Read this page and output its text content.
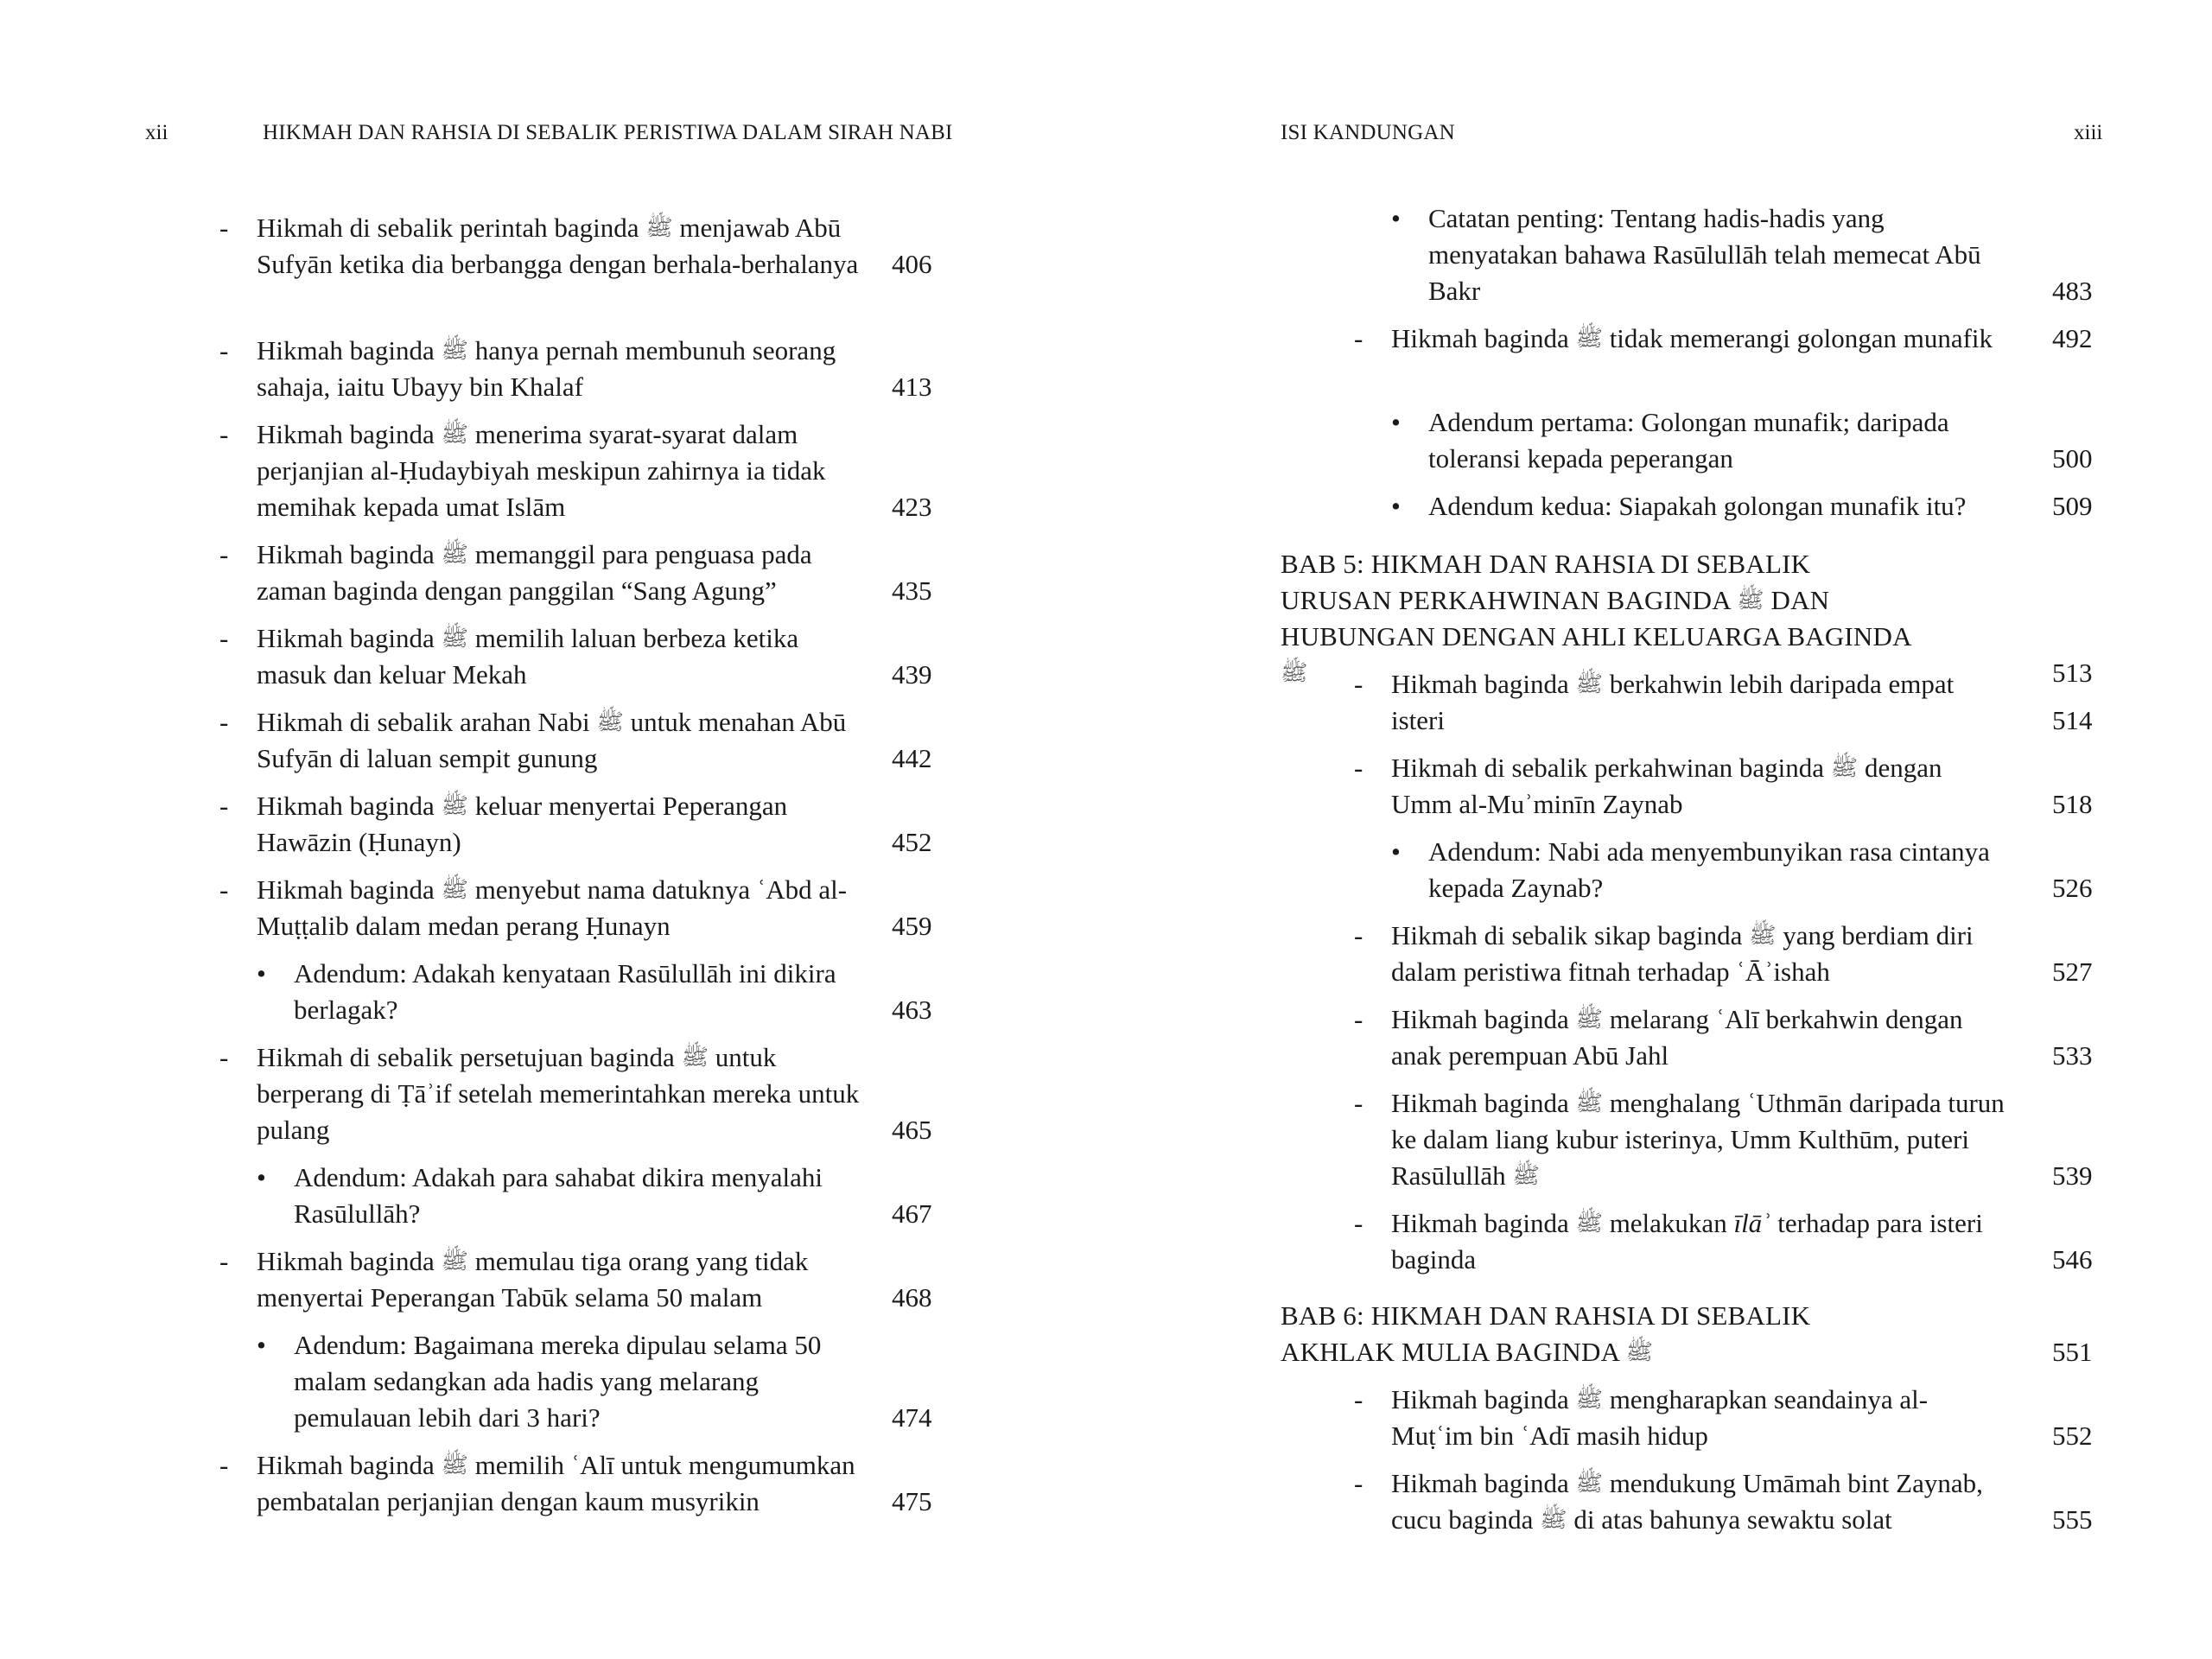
xii	HIKMAH DAN RAHSIA DI SEBALIK PERISTIWA DALAM SIRAH NABI
- Hikmah di sebalik perintah baginda ﷺ menjawab Abū Sufyān ketika dia berbangga dengan berhala-berhalanya 406
- Hikmah baginda ﷺ hanya pernah membunuh seorang sahaja, iaitu Ubayy bin Khalaf	413
- Hikmah baginda ﷺ menerima syarat-syarat dalam perjanjian al-Ḥudaybiyah meskipun zahirnya ia tidak memihak kepada umat Islām	423
- Hikmah baginda ﷺ memanggil para penguasa pada zaman baginda dengan panggilan “Sang Agung”	435
- Hikmah baginda ﷺ memilih laluan berbeza ketika masuk dan keluar Mekah	439
- Hikmah di sebalik arahan Nabi ﷺ untuk menahan Abū Sufyān di laluan sempit gunung	442
- Hikmah baginda ﷺ keluar menyertai Peperangan Hawāzin (Ḥunayn)	452
- Hikmah baginda ﷺ menyebut nama datuknya ʿAbd al-Muṭṭalib dalam medan perang Ḥunayn	459
• Adendum: Adakah kenyataan Rasūlullāh ini dikira berlagak?	463
- Hikmah di sebalik persetujuan baginda ﷺ untuk berperang di Ṭāʾif setelah memerintahkan mereka untuk pulang	465
• Adendum: Adakah para sahabat dikira menyalahi Rasūlullāh?	467
- Hikmah baginda ﷺ memulau tiga orang yang tidak menyertai Peperangan Tabūk selama 50 malam	468
• Adendum: Bagaimana mereka dipulau selama 50 malam sedangkan ada hadis yang melarang pemulauan lebih dari 3 hari?	474
- Hikmah baginda ﷺ memilih ʿAlī untuk mengumumkan pembatalan perjanjian dengan kaum musyrikin	475
ISI KANDUNGAN	xiii
• Catatan penting: Tentang hadis-hadis yang menyatakan bahawa Rasūlullāh telah memecat Abū Bakr	483
- Hikmah baginda ﷺ tidak memerangi golongan munafik 492
• Adendum pertama: Golongan munafik; daripada toleransi kepada peperangan	500
• Adendum kedua: Siapakah golongan munafik itu?	509
BAB 5: HIKMAH DAN RAHSIA DI SEBALIK URUSAN PERKAHWINAN BAGINDA ﷺ DAN HUBUNGAN DENGAN AHLI KELUARGA BAGINDA ﷺ	513
- Hikmah baginda ﷺ berkahwin lebih daripada empat isteri	514
- Hikmah di sebalik perkahwinan baginda ﷺ dengan Umm al-Muʾminīn Zaynab	518
• Adendum: Nabi ada menyembunyikan rasa cintanya kepada Zaynab?	526
- Hikmah di sebalik sikap baginda ﷺ yang berdiam diri dalam peristiwa fitnah terhadap ʿĀʾishah	527
- Hikmah baginda ﷺ melarang ʿAlī berkahwin dengan anak perempuan Abū Jahl	533
- Hikmah baginda ﷺ menghalang ʿUthmān daripada turun ke dalam liang kubur isterinya, Umm Kulthūm, puteri Rasūlullāh ﷺ	539
- Hikmah baginda ﷺ melakukan īlāʾ terhadap para isteri baginda	546
BAB 6: HIKMAH DAN RAHSIA DI SEBALIK AKHLAK MULIA BAGINDA ﷺ	551
- Hikmah baginda ﷺ mengharapkan seandainya al-Muṭʿim bin ʿAdī masih hidup	552
- Hikmah baginda ﷺ mendukung Umāmah bint Zaynab, cucu baginda ﷺ di atas bahunya sewaktu solat	555
